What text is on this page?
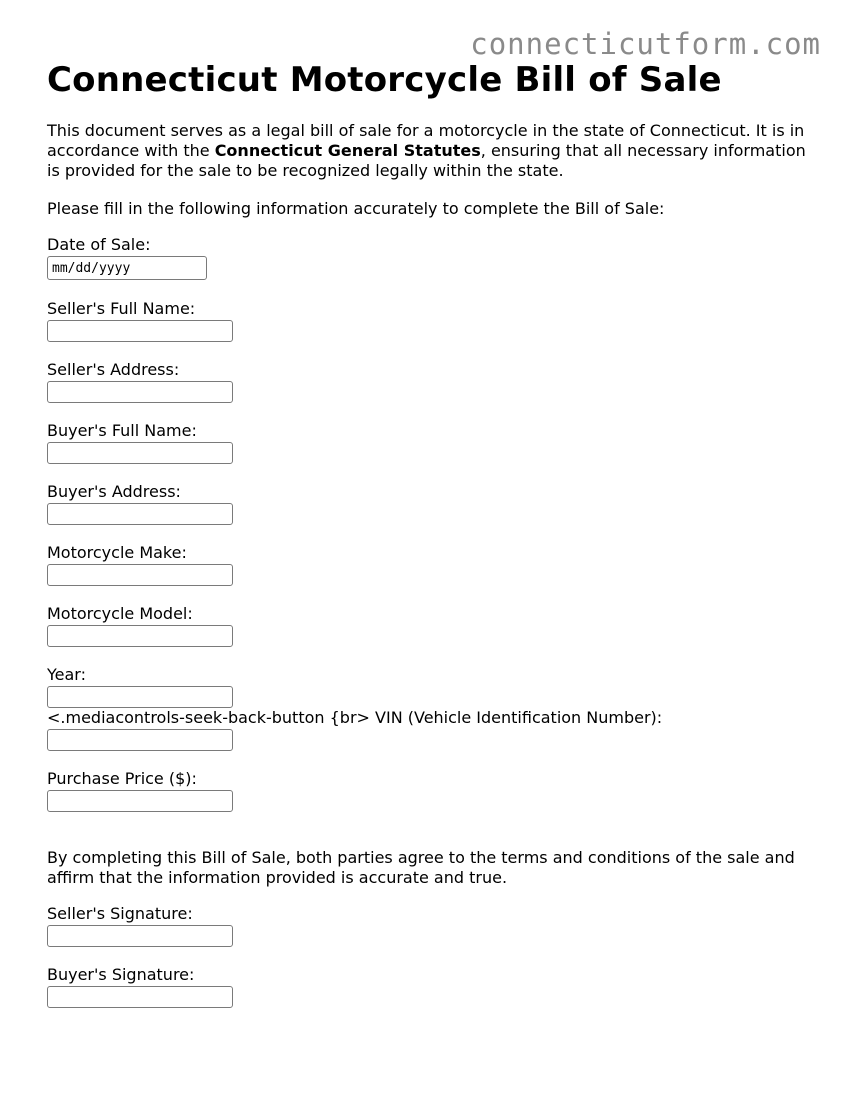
connecticutform.com
Connecticut Motorcycle Bill of Sale

This document serves as a legal bill of sale for a motorcycle in the state of Connecticut. It is in accordance with the Connecticut General Statutes, ensuring that all necessary information is provided for the sale to be recognized legally within the state.

Please fill in the following information accurately to complete the Bill of Sale:

Date of Sale:
mm/dd/yyyy
Seller's Full Name:
Seller's Address:
Buyer's Full Name:
Buyer's Address:
Motorcycle Make:
Motorcycle Model:
Year:
<.mediacontrols-seek-back-button {br> VIN (Vehicle Identification Number):
Purchase Price ($):

By completing this Bill of Sale, both parties agree to the terms and conditions of the sale and affirm that the information provided is accurate and true.

Seller's Signature:
Buyer's Signature:
